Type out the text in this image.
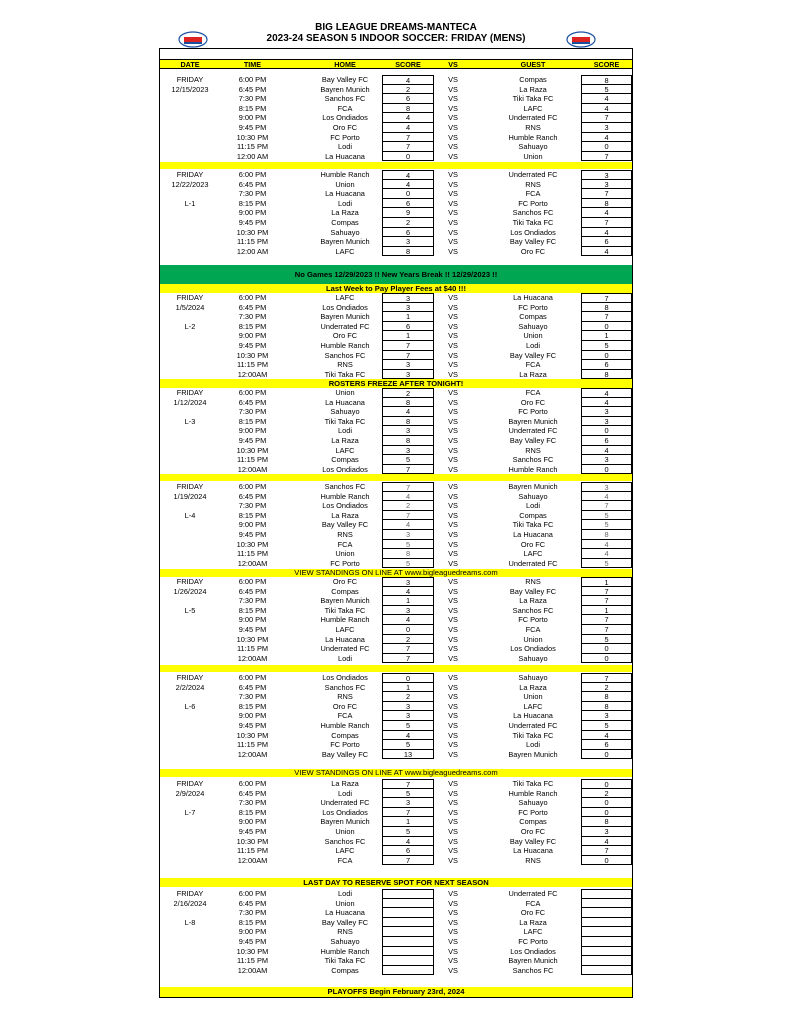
BIG LEAGUE DREAMS-MANTECA
2023-24 SEASON 5 INDOOR SOCCER: FRIDAY (MENS)
DATE	TIME	HOME	SCORE	VS	GUEST	SCORE
FRIDAY	6:00 PM	Bay Valley FC	4	VS	Compas	8
12/15/2023	6:45 PM	Bayren Munich	2	VS	La Raza	5
7:30 PM	Sanchos FC	6	VS	Tiki Taka FC	4
8:15 PM	FCA	8	VS	LAFC	4
9:00 PM	Los Ondiados	4	VS	Underrated FC	7
9:45 PM	Oro FC	4	VS	RNS	3
10:30 PM	FC Porto	7	VS	Humble Ranch	4
11:15 PM	Lodi	7	VS	Sahuayo	0
12:00 AM	La Huacana	0	VS	Union	7
FRIDAY	6:00 PM	Humble Ranch	4	VS	Underrated FC	3
12/22/2023	6:45 PM	Union	4	VS	RNS	3
7:30 PM	La Huacana	0	VS	FCA	7
L-1	8:15 PM	Lodi	6	VS	FC Porto	8
9:00 PM	La Raza	9	VS	Sanchos FC	4
9:45 PM	Compas	2	VS	Tiki Taka FC	7
10:30 PM	Sahuayo	6	VS	Los Ondiados	4
11:15 PM	Bayren Munich	3	VS	Bay Valley FC	6
12:00 AM	LAFC	8	VS	Oro FC	4
FRIDAY	6:00 PM	LAFC	3	VS	La Huacana	7
1/5/2024	6:45 PM	Los Ondiados	3	VS	FC Porto	8
7:30 PM	Bayren Munich	1	VS	Compas	7
L-2	8:15 PM	Underrated FC	6	VS	Sahuayo	0
9:00 PM	Oro FC	1	VS	Union	1
9:45 PM	Humble Ranch	7	VS	Lodi	5
10:30 PM	Sanchos FC	7	VS	Bay Valley FC	0
11:15 PM	RNS	3	VS	FCA	6
12:00AM	Tiki Taka FC	3	VS	La Raza	8
FRIDAY	6:00 PM	Union	2	VS	FCA	4
1/12/2024	6:45 PM	La Huacana	8	VS	Oro FC	4
7:30 PM	Sahuayo	4	VS	FC Porto	3
L-3	8:15 PM	Tiki Taka FC	8	VS	Bayren Munich	3
9:00 PM	Lodi	3	VS	Underrated FC	0
9:45 PM	La Raza	8	VS	Bay Valley FC	6
10:30 PM	LAFC	3	VS	RNS	4
11:15 PM	Compas	5	VS	Sanchos FC	3
12:00AM	Los Ondiados	7	VS	Humble Ranch	0
FRIDAY	6:00 PM	Sanchos FC	7	VS	Bayren Munich	3
1/19/2024	6:45 PM	Humble Ranch	4	VS	Sahuayo	4
7:30 PM	Los Ondiados	2	VS	Lodi	7
L-4	8:15 PM	La Raza	7	VS	Compas	5
9:00 PM	Bay Valley FC	4	VS	Tiki Taka FC	5
9:45 PM	RNS	3	VS	La Huacana	8
10:30 PM	FCA	5	VS	Oro FC	4
11:15 PM	Union	8	VS	LAFC	4
12:00AM	FC Porto	5	VS	Underrated FC	5
FRIDAY	6:00 PM	Oro FC	3	VS	RNS	1
1/26/2024	6:45 PM	Compas	4	VS	Bay Valley FC	7
7:30 PM	Bayren Munich	1	VS	La Raza	7
L-5	8:15 PM	Tiki Taka FC	3	VS	Sanchos FC	1
9:00 PM	Humble Ranch	4	VS	FC Porto	7
9:45 PM	LAFC	0	VS	FCA	7
10:30 PM	La Huacana	2	VS	Union	5
11:15 PM	Underrated FC	7	VS	Los Ondiados	0
12:00AM	Lodi	7	VS	Sahuayo	0
FRIDAY	6:00 PM	Los Ondiados	0	VS	Sahuayo	7
2/2/2024	6:45 PM	Sanchos FC	1	VS	La Raza	2
7:30 PM	RNS	2	VS	Union	8
L-6	8:15 PM	Oro FC	3	VS	LAFC	8
9:00 PM	FCA	3	VS	La Huacana	3
9:45 PM	Humble Ranch	5	VS	Underrated FC	5
10:30 PM	Compas	4	VS	Tiki Taka FC	4
11:15 PM	FC Porto	5	VS	Lodi	6
12:00AM	Bay Valley FC	13	VS	Bayren Munich	0
FRIDAY	6:00 PM	La Raza	7	VS	Tiki Taka FC	0
2/9/2024	6:45 PM	Lodi	5	VS	Humble Ranch	2
7:30 PM	Underrated FC	3	VS	Sahuayo	0
L-7	8:15 PM	Los Ondiados	7	VS	FC Porto	0
9:00 PM	Bayren Munich	1	VS	Compas	8
9:45 PM	Union	5	VS	Oro FC	3
10:30 PM	Sanchos FC	4	VS	Bay Valley FC	4
11:15 PM	LAFC	6	VS	La Huacana	7
12:00AM	FCA	7	VS	RNS	0
FRIDAY	6:00 PM	Lodi	VS	Underrated FC
2/16/2024	6:45 PM	Union	VS	FCA
7:30 PM	La Huacana	VS	Oro FC
L-8	8:15 PM	Bay Valley FC	VS	La Raza
9:00 PM	RNS	VS	LAFC
9:45 PM	Sahuayo	VS	FC Porto
10:30 PM	Humble Ranch	VS	Los Ondiados
11:15 PM	Tiki Taka FC	VS	Bayren Munich
12:00AM	Compas	VS	Sanchos FC
No Games 12/29/2023 !! New Years Break !! 12/29/2023 !!
Last Week to Pay Player Fees at $40 !!!
ROSTERS FREEZE AFTER TONIGHT!
VIEW STANDINGS ON LINE AT www.bigleaguedreams.com
VIEW STANDINGS ON LINE AT www.bigleaguedreams.com
LAST DAY TO RESERVE SPOT FOR NEXT SEASON
PLAYOFFS Begin February 23rd, 2024
